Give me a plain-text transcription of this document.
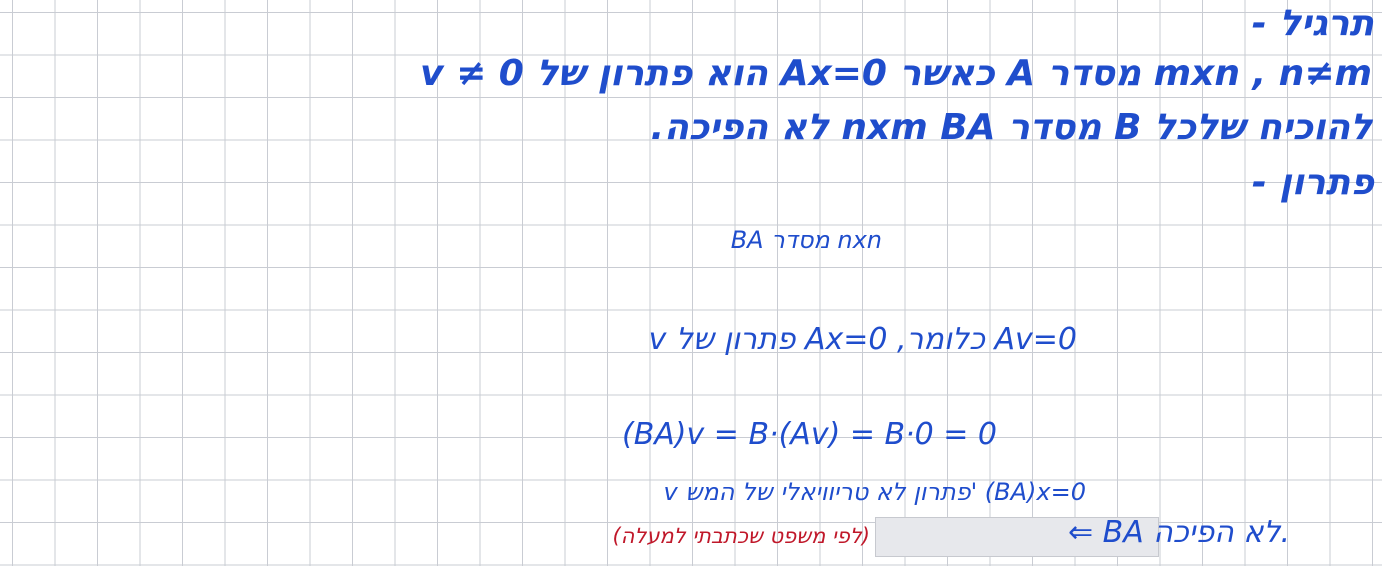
תרגיל -
v ≠ 0 הוא פתרון של Ax=0 כאשר A מסדר mxn , n≠m
להוכיח שלכל B מסדר nxm BA לא הפיכה.
פתרון -
BA מסדר nxn
v פתרון של Ax=0 ,כלומר Av=0
(BA)v = B·(Av) = B·0 = 0
v פתרון לא טריוויאלי של המש' (BA)x=0
⇐ BA לא הפיכה.
(לפי משפט שכתבתי למעלה)
